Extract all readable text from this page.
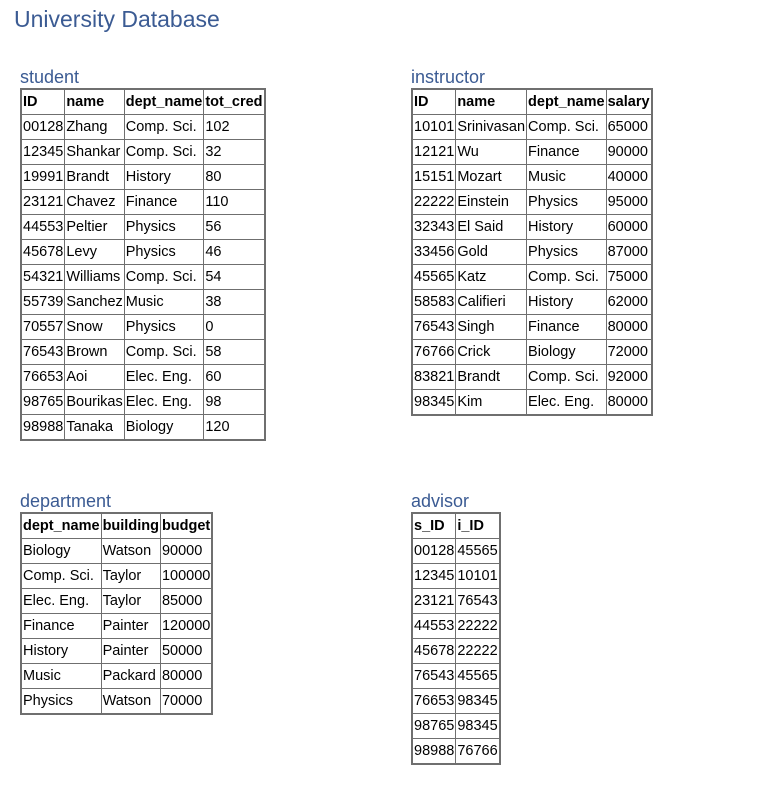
University Database
student
ID	name	dept_name	tot_cred
00128	Zhang	Comp. Sci.	102
12345	Shankar	Comp. Sci.	32
19991	Brandt	History	80
23121	Chavez	Finance	110
44553	Peltier	Physics	56
45678	Levy	Physics	46
54321	Williams	Comp. Sci.	54
55739	Sanchez	Music	38
70557	Snow	Physics	0
76543	Brown	Comp. Sci.	58
76653	Aoi	Elec. Eng.	60
98765	Bourikas	Elec. Eng.	98
98988	Tanaka	Biology	120
instructor
ID	name	dept_name	salary
10101	Srinivasan	Comp. Sci.	65000
12121	Wu	Finance	90000
15151	Mozart	Music	40000
22222	Einstein	Physics	95000
32343	El Said	History	60000
33456	Gold	Physics	87000
45565	Katz	Comp. Sci.	75000
58583	Califieri	History	62000
76543	Singh	Finance	80000
76766	Crick	Biology	72000
83821	Brandt	Comp. Sci.	92000
98345	Kim	Elec. Eng.	80000
department
dept_name	building	budget
Biology	Watson	90000
Comp. Sci.	Taylor	100000
Elec. Eng.	Taylor	85000
Finance	Painter	120000
History	Painter	50000
Music	Packard	80000
Physics	Watson	70000
advisor
s_ID	i_ID
00128	45565
12345	10101
23121	76543
44553	22222
45678	22222
76543	45565
76653	98345
98765	98345
98988	76766
